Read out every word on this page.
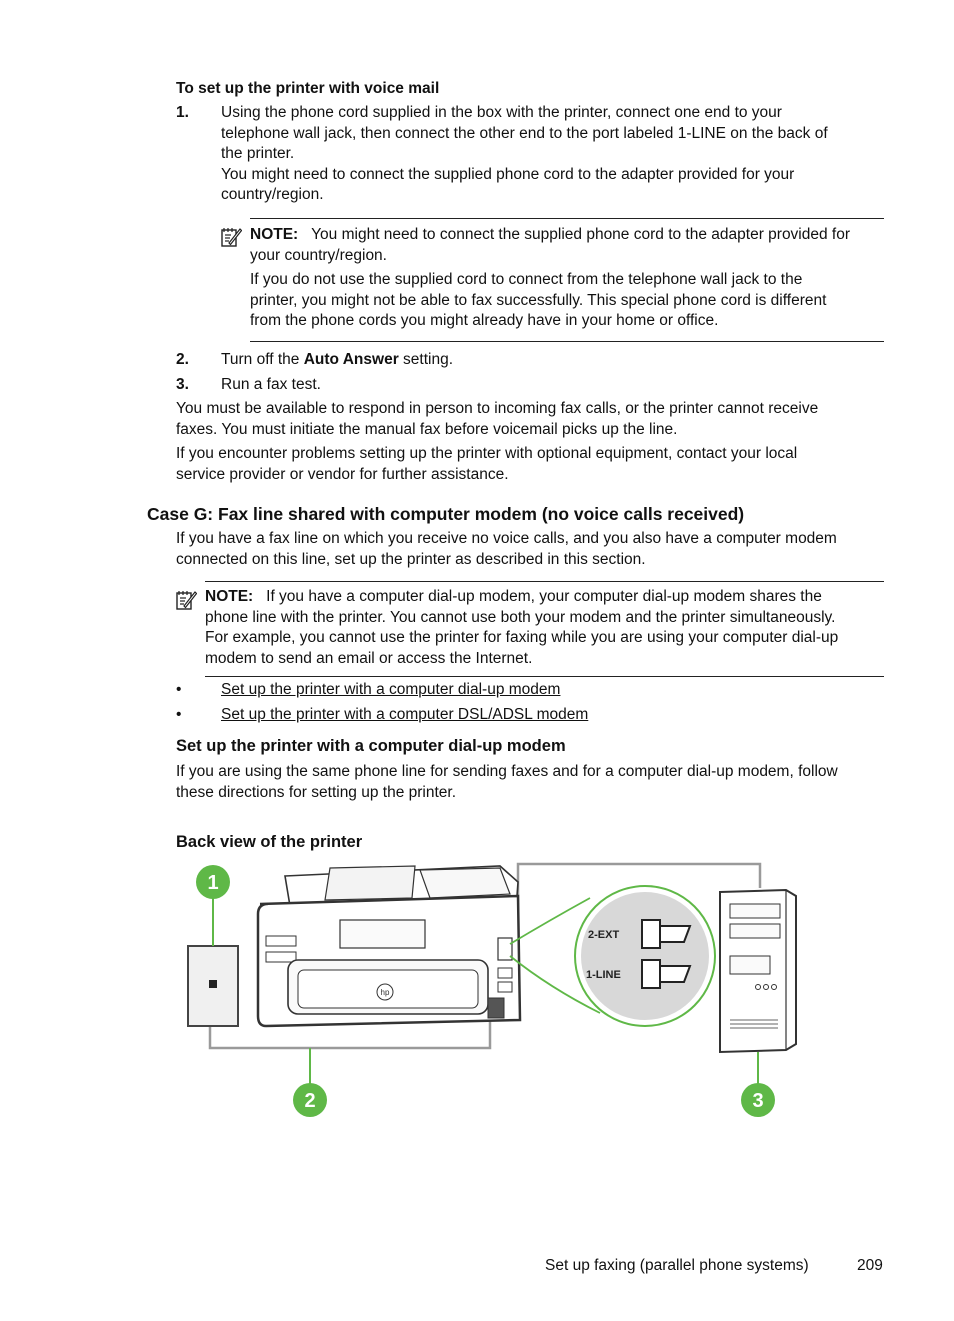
To set up the printer with voice mail
1. Using the phone cord supplied in the box with the printer, connect one end to your
telephone wall jack, then connect the other end to the port labeled 1-LINE on the back of
the printer.
You might need to connect the supplied phone cord to the adapter provided for your
country/region.
NOTE: You might need to connect the supplied phone cord to the adapter provided for
your country/region.
If you do not use the supplied cord to connect from the telephone wall jack to the
printer, you might not be able to fax successfully. This special phone cord is different
from the phone cords you might already have in your home or office.
2. Turn off the Auto Answer setting.
3. Run a fax test.
You must be available to respond in person to incoming fax calls, or the printer cannot receive
faxes. You must initiate the manual fax before voicemail picks up the line.
If you encounter problems setting up the printer with optional equipment, contact your local
service provider or vendor for further assistance.
Case G: Fax line shared with computer modem (no voice calls received)
If you have a fax line on which you receive no voice calls, and you also have a computer modem
connected on this line, set up the printer as described in this section.
NOTE: If you have a computer dial-up modem, your computer dial-up modem shares the
phone line with the printer. You cannot use both your modem and the printer simultaneously.
For example, you cannot use the printer for faxing while you are using your computer dial-up
modem to send an email or access the Internet.
•	Set up the printer with a computer dial-up modem
•	Set up the printer with a computer DSL/ADSL modem
Set up the printer with a computer dial-up modem
If you are using the same phone line for sending faxes and for a computer dial-up modem, follow
these directions for setting up the printer.
Back view of the printer
1
hp
2-EXT
1-LINE
2	3
Set up faxing (parallel phone systems)	209
